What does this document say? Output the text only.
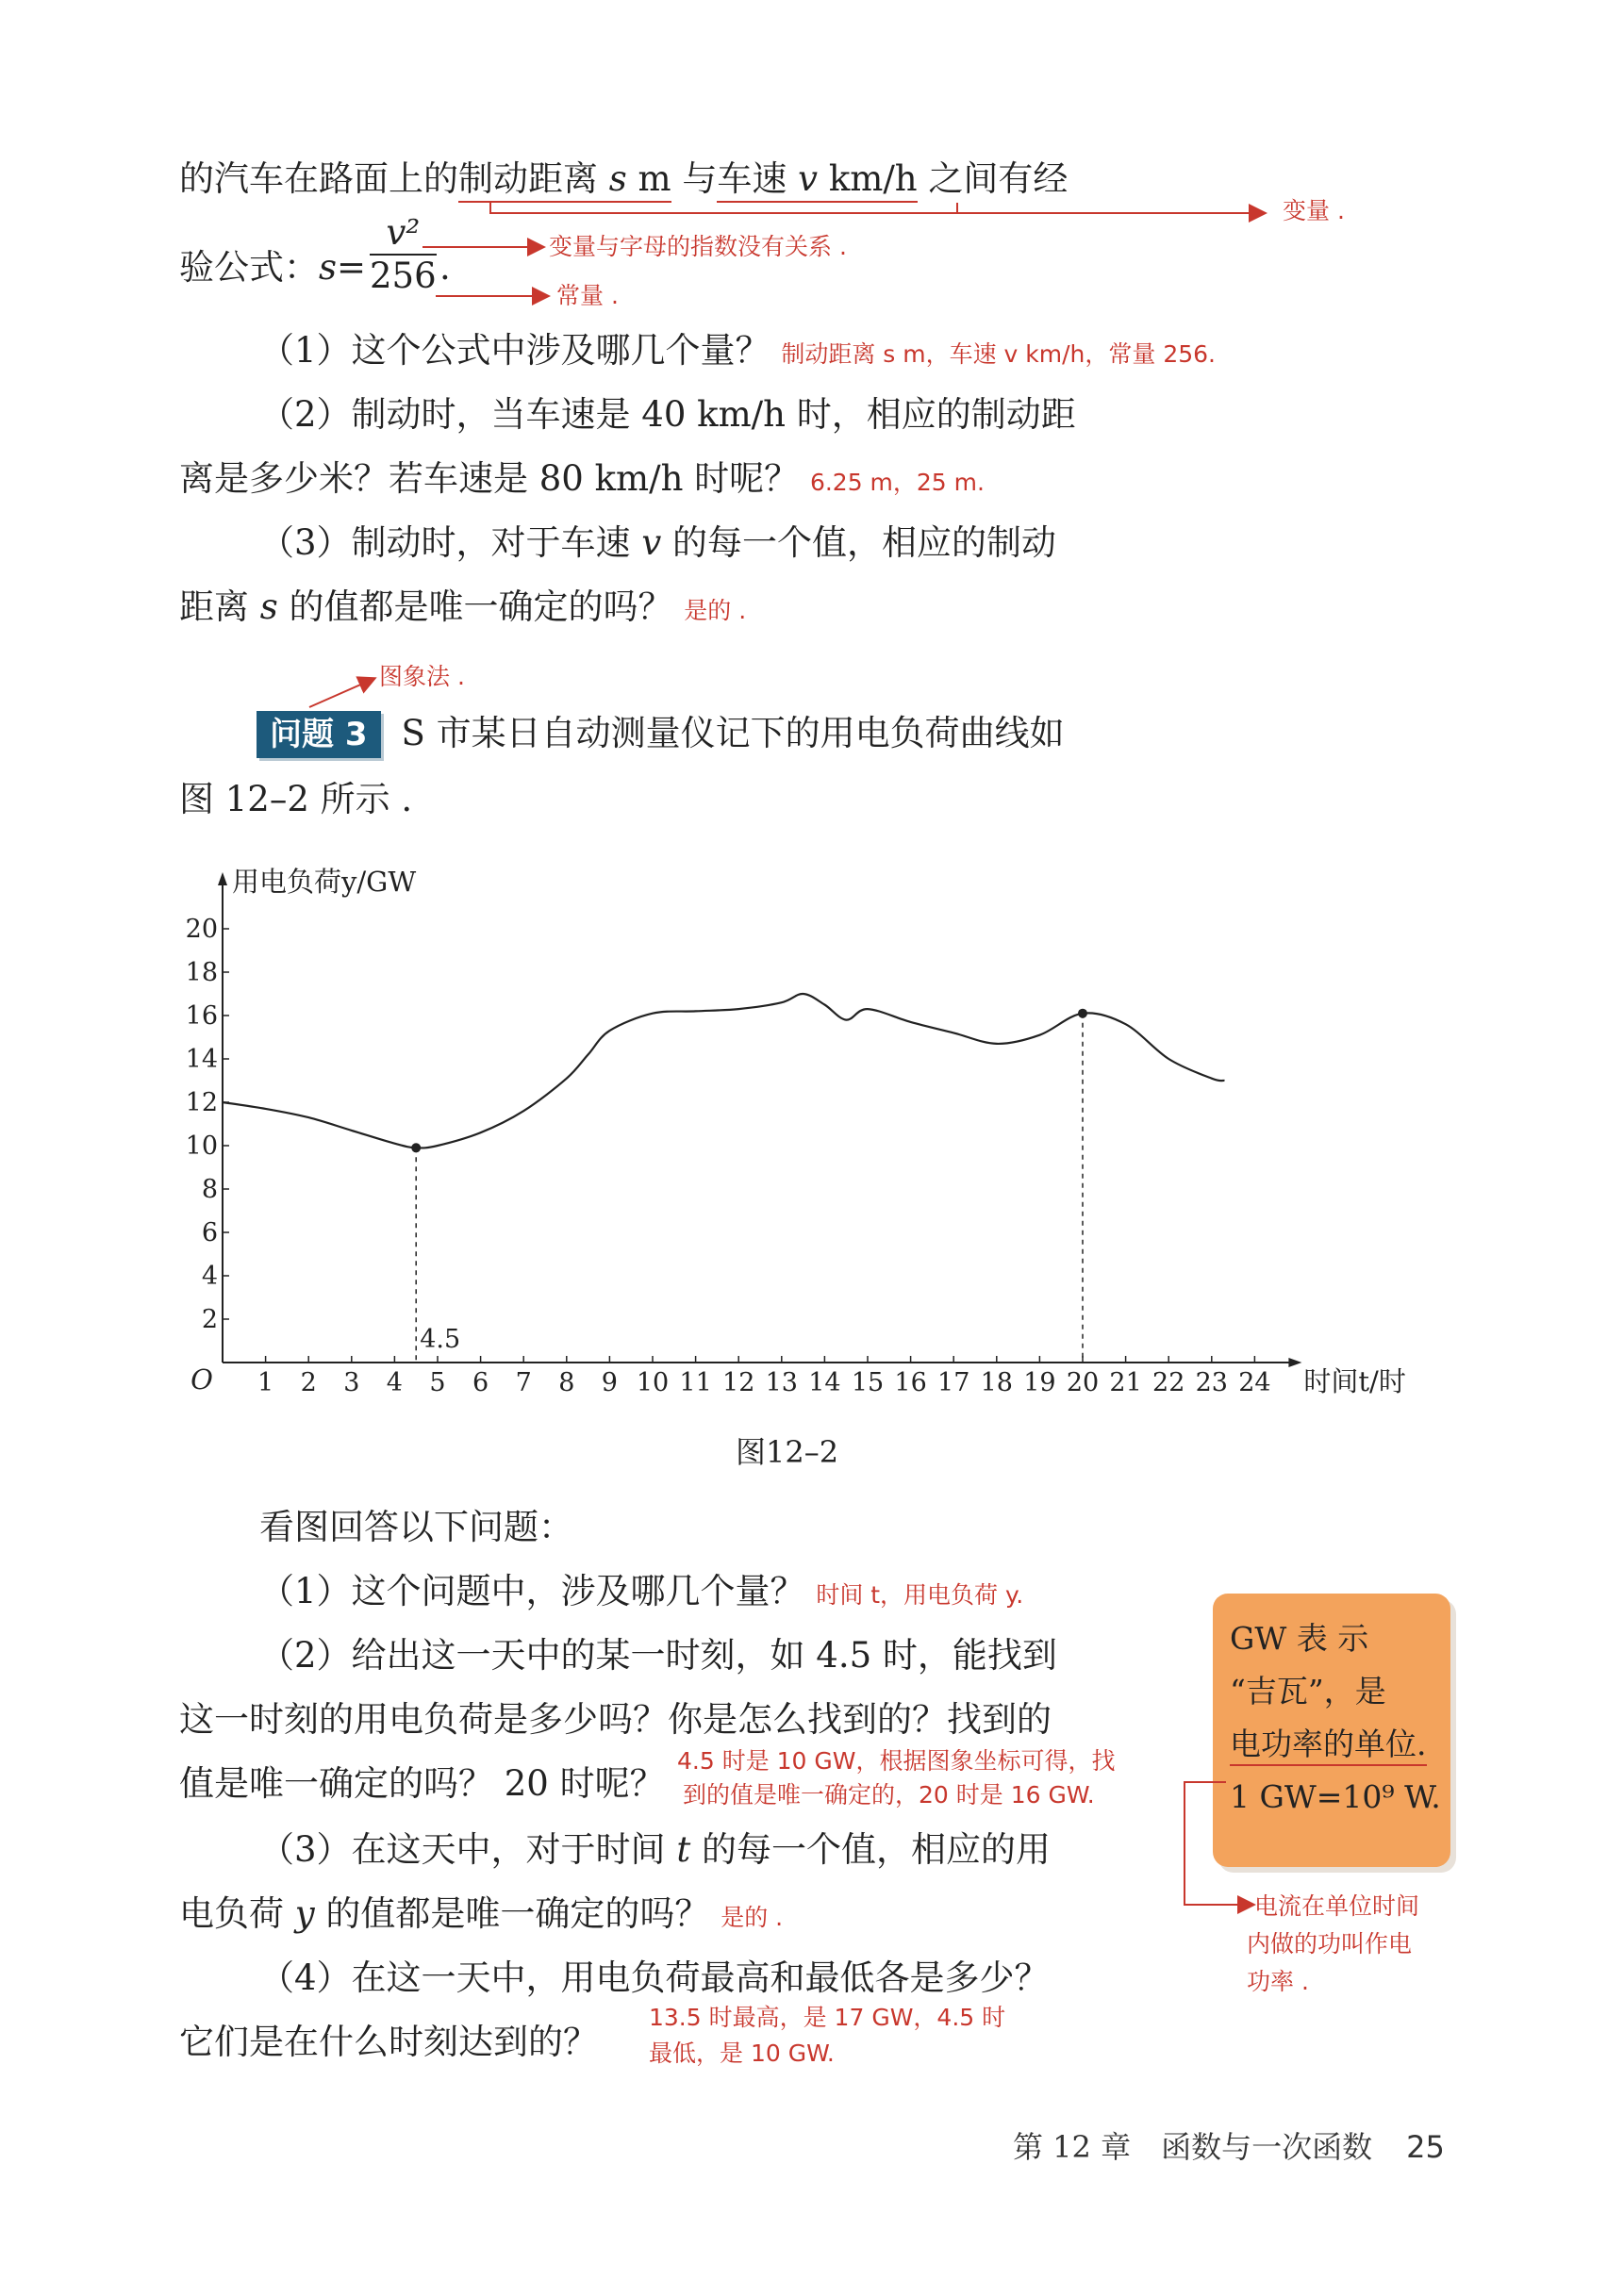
的汽车在路面上的制动距离 s m 与车速 v km/h 之间有经
变量 .
验公式：$s= \frac{\text{v²}}{256}$ .
变量与字母的指数没有关系 .
常量 .
（1）这个公式中涉及哪几个量？ 制动距离 s m，车速 v km/h，常量 256.
（2）制动时，当车速是 40 km/h 时，相应的制动距
离是多少米？若车速是 80 km/h 时呢？ 6.25 m，25 m.
（3）制动时，对于车速 v 的每一个值，相应的制动
距离 s 的值都是唯一确定的吗？ 是的 .
图象法 .
问题 3 S 市某日自动测量仪记下的用电负荷曲线如
图 12–2 所示 .
1 2 3 4 5 6 7 8 9 10 11 12 13 14 15 16 17 18 19 20 21 22 23 24
2
4
6
8
10
12
14
16
18
20
O
用电负荷y/GW
时间t/时
4.5
图12–2
看图回答以下问题：
（1）这个问题中，涉及哪几个量？ 时间 t，用电负荷 y.
（2）给出这一天中的某一时刻，如 4.5 时，能找到
这一时刻的用电负荷是多少吗？你是怎么找到的？找到的
值是唯一确定的吗？ 20 时呢？
4.5 时是 10 GW，根据图象坐标可得，找
到的值是唯一确定的，20 时是 16 GW.
（3）在这天中，对于时间 t 的每一个值，相应的用
电负荷 y 的值都是唯一确定的吗？ 是的 .
（4）在这一天中，用电负荷最高和最低各是多少？
它们是在什么时刻达到的？
13.5 时最高，是 17 GW，4.5 时
最低，是 10 GW.
GW 表 示
“吉瓦”，是
电功率的单位.
1 GW=10⁹ W.
电流在单位时间
内做的功叫作电
功率 .
第 12 章　函数与一次函数 25
